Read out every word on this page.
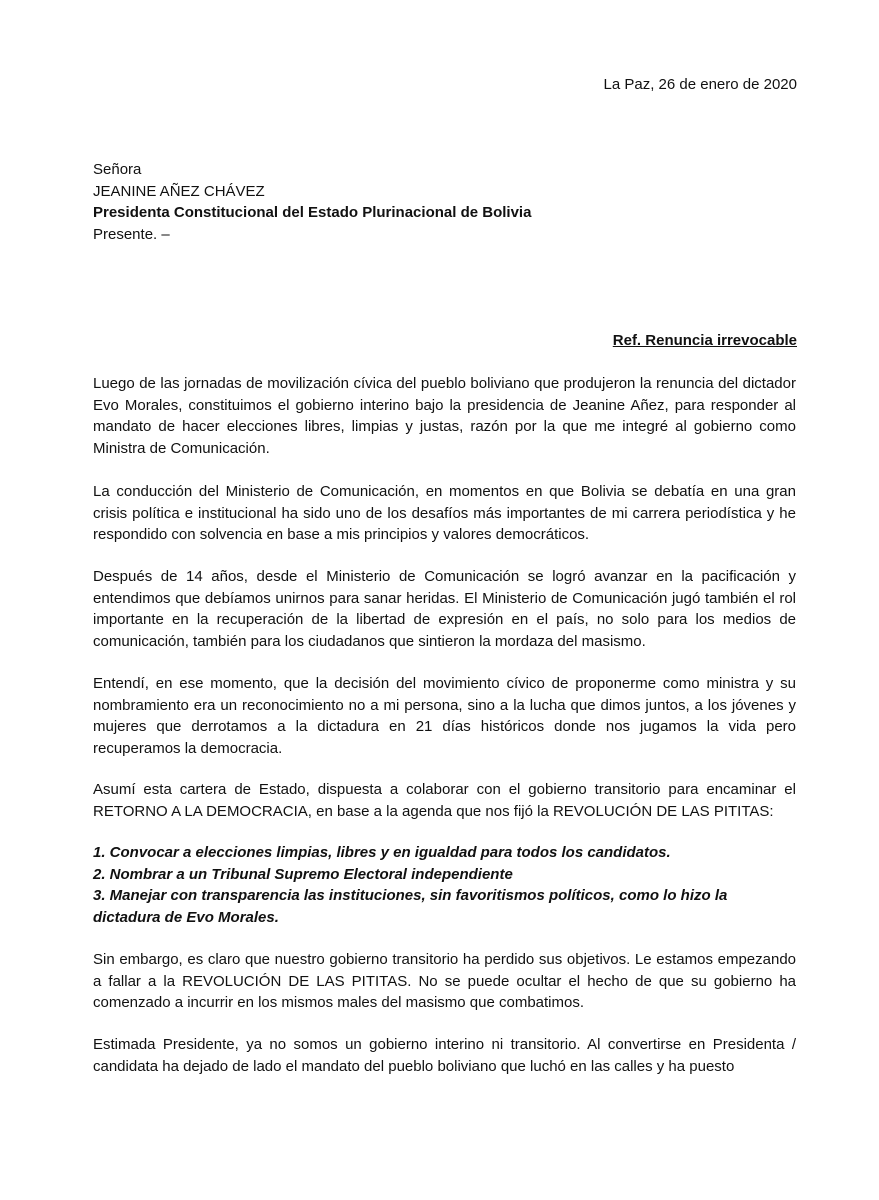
La Paz, 26 de enero de 2020
Señora
JEANINE AÑEZ CHÁVEZ
Presidenta Constitucional del Estado Plurinacional de Bolivia
Presente. –
Ref. Renuncia irrevocable

Luego de las jornadas de movilización cívica del pueblo boliviano que produjeron la renuncia del dictador Evo Morales, constituimos el gobierno interino bajo la presidencia de Jeanine Añez, para responder al mandato de hacer elecciones libres, limpias y justas, razón por la que me integré al gobierno como Ministra de Comunicación.

La conducción del Ministerio de Comunicación, en momentos en que Bolivia se debatía en una gran crisis política e institucional ha sido uno de los desafíos más importantes de mi carrera periodística y he respondido con solvencia en base a mis principios y valores democráticos.

Después de 14 años, desde el Ministerio de Comunicación se logró avanzar en la pacificación y entendimos que debíamos unirnos para sanar heridas. El Ministerio de Comunicación jugó también el rol importante en la recuperación de la libertad de expresión en el país, no solo para los medios de comunicación, también para los ciudadanos que sintieron la mordaza del masismo.

Entendí, en ese momento, que la decisión del movimiento cívico de proponerme como ministra y su nombramiento era un reconocimiento no a mi persona, sino a la lucha que dimos juntos, a los jóvenes y mujeres que derrotamos a la dictadura en 21 días históricos donde nos jugamos la vida pero recuperamos la democracia.

Asumí esta cartera de Estado, dispuesta a colaborar con el gobierno transitorio para encaminar el RETORNO A LA DEMOCRACIA, en base a la agenda que nos fijó la REVOLUCIÓN DE LAS PITITAS:

1. Convocar a elecciones limpias, libres y en igualdad para todos los candidatos.
2. Nombrar a un Tribunal Supremo Electoral independiente
3. Manejar con transparencia las instituciones, sin favoritismos políticos, como lo hizo la dictadura de Evo Morales.

Sin embargo, es claro que nuestro gobierno transitorio ha perdido sus objetivos. Le estamos empezando a fallar a la REVOLUCIÓN DE LAS PITITAS. No se puede ocultar el hecho de que su gobierno ha comenzado a incurrir en los mismos males del masismo que combatimos.

Estimada Presidente, ya no somos un gobierno interino ni transitorio. Al convertirse en Presidenta / candidata ha dejado de lado el mandato del pueblo boliviano que luchó en las calles y ha puesto
